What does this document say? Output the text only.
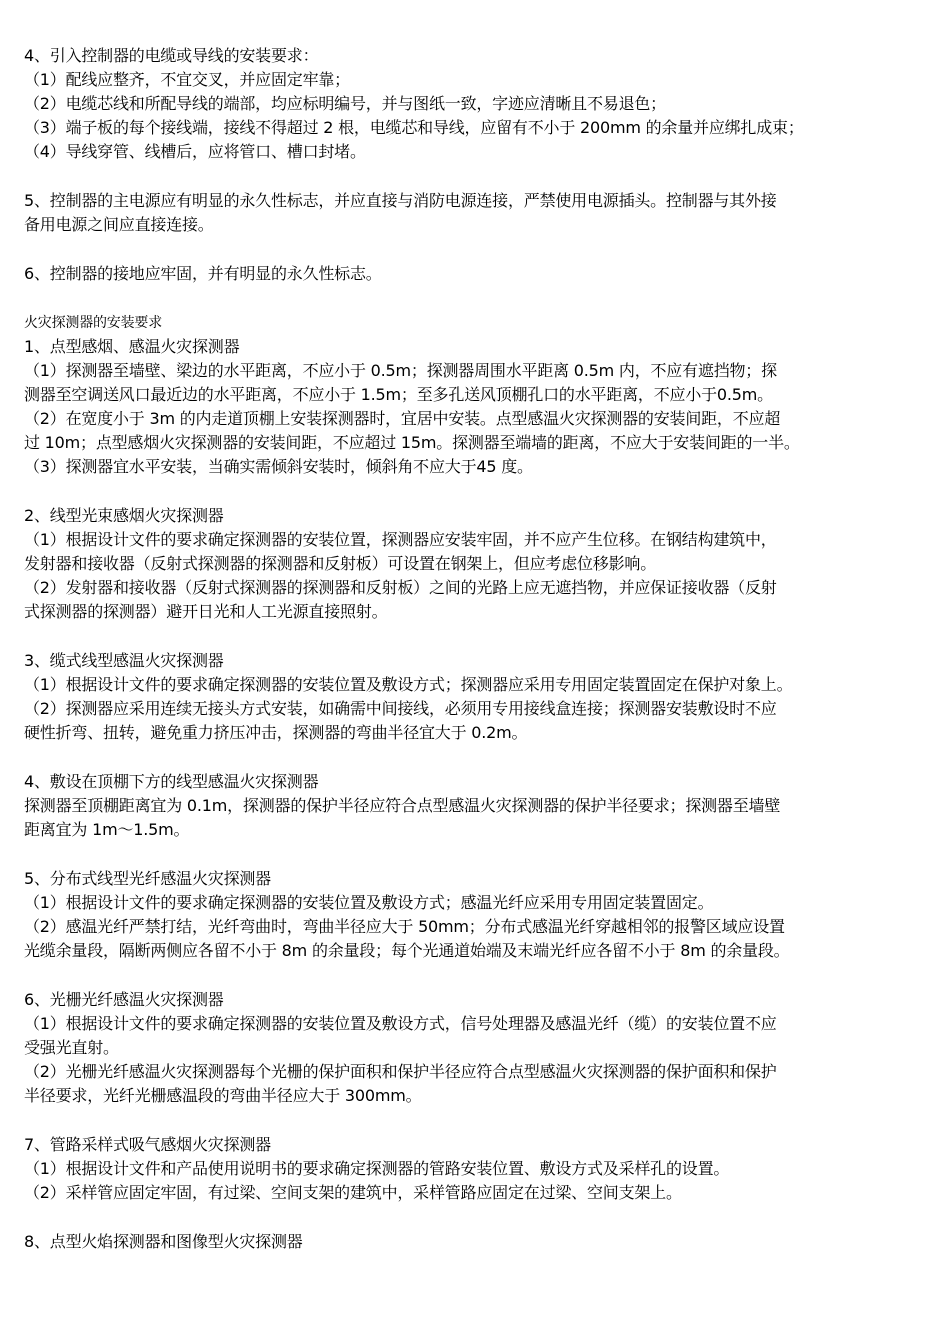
4、引入控制器的电缆或导线的安装要求：
（1）配线应整齐，不宜交叉，并应固定牢靠；
（2）电缆芯线和所配导线的端部，均应标明编号，并与图纸一致，字迹应清晰且不易退色；
（3）端子板的每个接线端，接线不得超过 2 根，电缆芯和导线，应留有不小于 200mm 的余量并应绑扎成束；
（4）导线穿管、线槽后，应将管口、槽口封堵。
5、控制器的主电源应有明显的永久性标志，并应直接与消防电源连接，严禁使用电源插头。控制器与其外接
备用电源之间应直接连接。
6、控制器的接地应牢固，并有明显的永久性标志。
火灾探测器的安装要求
1、点型感烟、感温火灾探测器
（1）探测器至墙壁、梁边的水平距离，不应小于 0.5m；探测器周围水平距离 0.5m 内，不应有遮挡物；探
测器至空调送风口最近边的水平距离，不应小于 1.5m；至多孔送风顶棚孔口的水平距离，不应小于0.5m。
（2）在宽度小于 3m 的内走道顶棚上安装探测器时，宜居中安装。点型感温火灾探测器的安装间距，不应超
过 10m；点型感烟火灾探测器的安装间距，不应超过 15m。探测器至端墙的距离，不应大于安装间距的一半。
（3）探测器宜水平安装，当确实需倾斜安装时，倾斜角不应大于45 度。
2、线型光束感烟火灾探测器
（1）根据设计文件的要求确定探测器的安装位置，探测器应安装牢固，并不应产生位移。在钢结构建筑中，
发射器和接收器（反射式探测器的探测器和反射板）可设置在钢架上，但应考虑位移影响。
（2）发射器和接收器（反射式探测器的探测器和反射板）之间的光路上应无遮挡物，并应保证接收器（反射
式探测器的探测器）避开日光和人工光源直接照射。
3、缆式线型感温火灾探测器
（1）根据设计文件的要求确定探测器的安装位置及敷设方式；探测器应采用专用固定装置固定在保护对象上。
（2）探测器应采用连续无接头方式安装，如确需中间接线，必须用专用接线盒连接；探测器安装敷设时不应
硬性折弯、扭转，避免重力挤压冲击，探测器的弯曲半径宜大于 0.2m。
4、敷设在顶棚下方的线型感温火灾探测器
探测器至顶棚距离宜为 0.1m，探测器的保护半径应符合点型感温火灾探测器的保护半径要求；探测器至墙壁
距离宜为 1m～1.5m。
5、分布式线型光纤感温火灾探测器
（1）根据设计文件的要求确定探测器的安装位置及敷设方式；感温光纤应采用专用固定装置固定。
（2）感温光纤严禁打结，光纤弯曲时，弯曲半径应大于 50mm；分布式感温光纤穿越相邻的报警区域应设置
光缆余量段，隔断两侧应各留不小于 8m 的余量段；每个光通道始端及末端光纤应各留不小于 8m 的余量段。
6、光栅光纤感温火灾探测器
（1）根据设计文件的要求确定探测器的安装位置及敷设方式，信号处理器及感温光纤（缆）的安装位置不应
受强光直射。
（2）光栅光纤感温火灾探测器每个光栅的保护面积和保护半径应符合点型感温火灾探测器的保护面积和保护
半径要求，光纤光栅感温段的弯曲半径应大于 300mm。
7、管路采样式吸气感烟火灾探测器
（1）根据设计文件和产品使用说明书的要求确定探测器的管路安装位置、敷设方式及采样孔的设置。
（2）采样管应固定牢固，有过梁、空间支架的建筑中，采样管路应固定在过梁、空间支架上。
8、点型火焰探测器和图像型火灾探测器
